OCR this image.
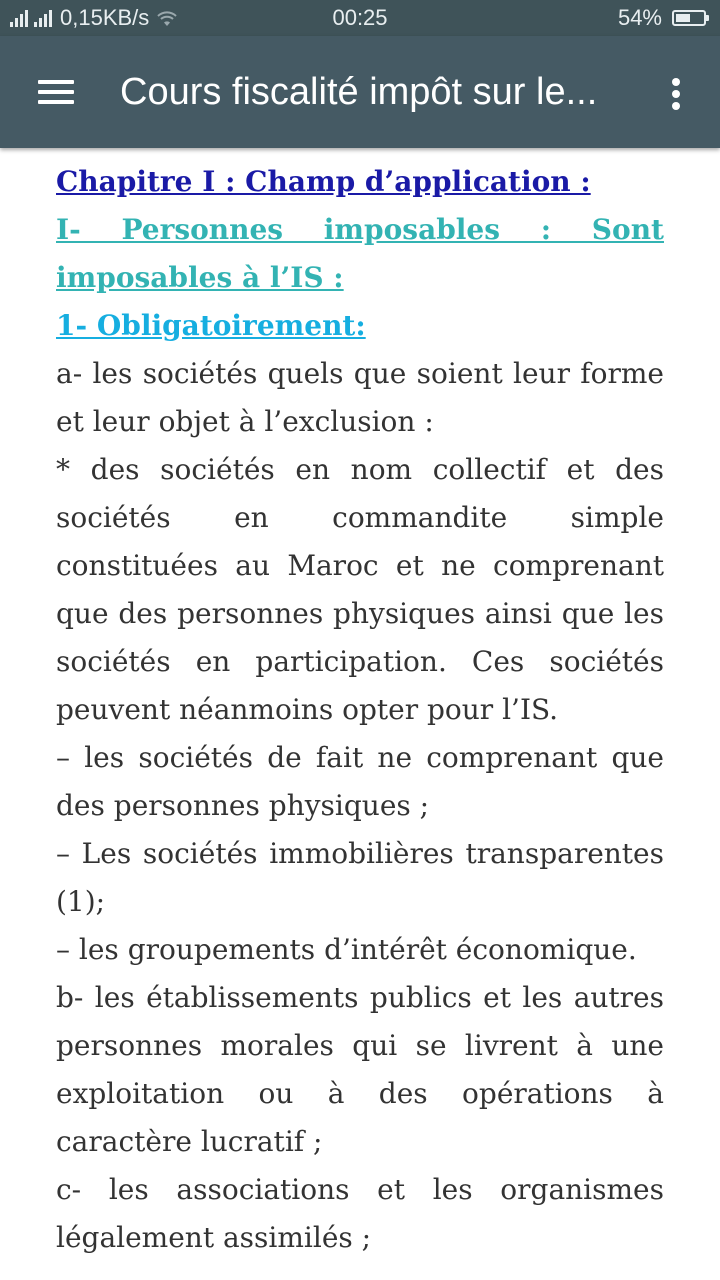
0,15KB/s	00:25	54%
Cours fiscalité impôt sur le...

Chapitre I : Champ d’application :

I- Personnes imposables : Sont imposables à l’IS :

1- Obligatoirement:

a- les sociétés quels que soient leur forme et leur objet à l’exclusion :

* des sociétés en nom collectif et des sociétés en commandite simple constituées au Maroc et ne comprenant que des personnes physiques ainsi que les sociétés en participation. Ces sociétés peuvent néanmoins opter pour l’IS.

– les sociétés de fait ne comprenant que des personnes physiques ;

– Les sociétés immobilières transparentes (1);

– les groupements d’intérêt économique.

b- les établissements publics et les autres personnes morales qui se livrent à une exploitation ou à des opérations à caractère lucratif ;

c- les associations et les organismes légalement assimilés ;
